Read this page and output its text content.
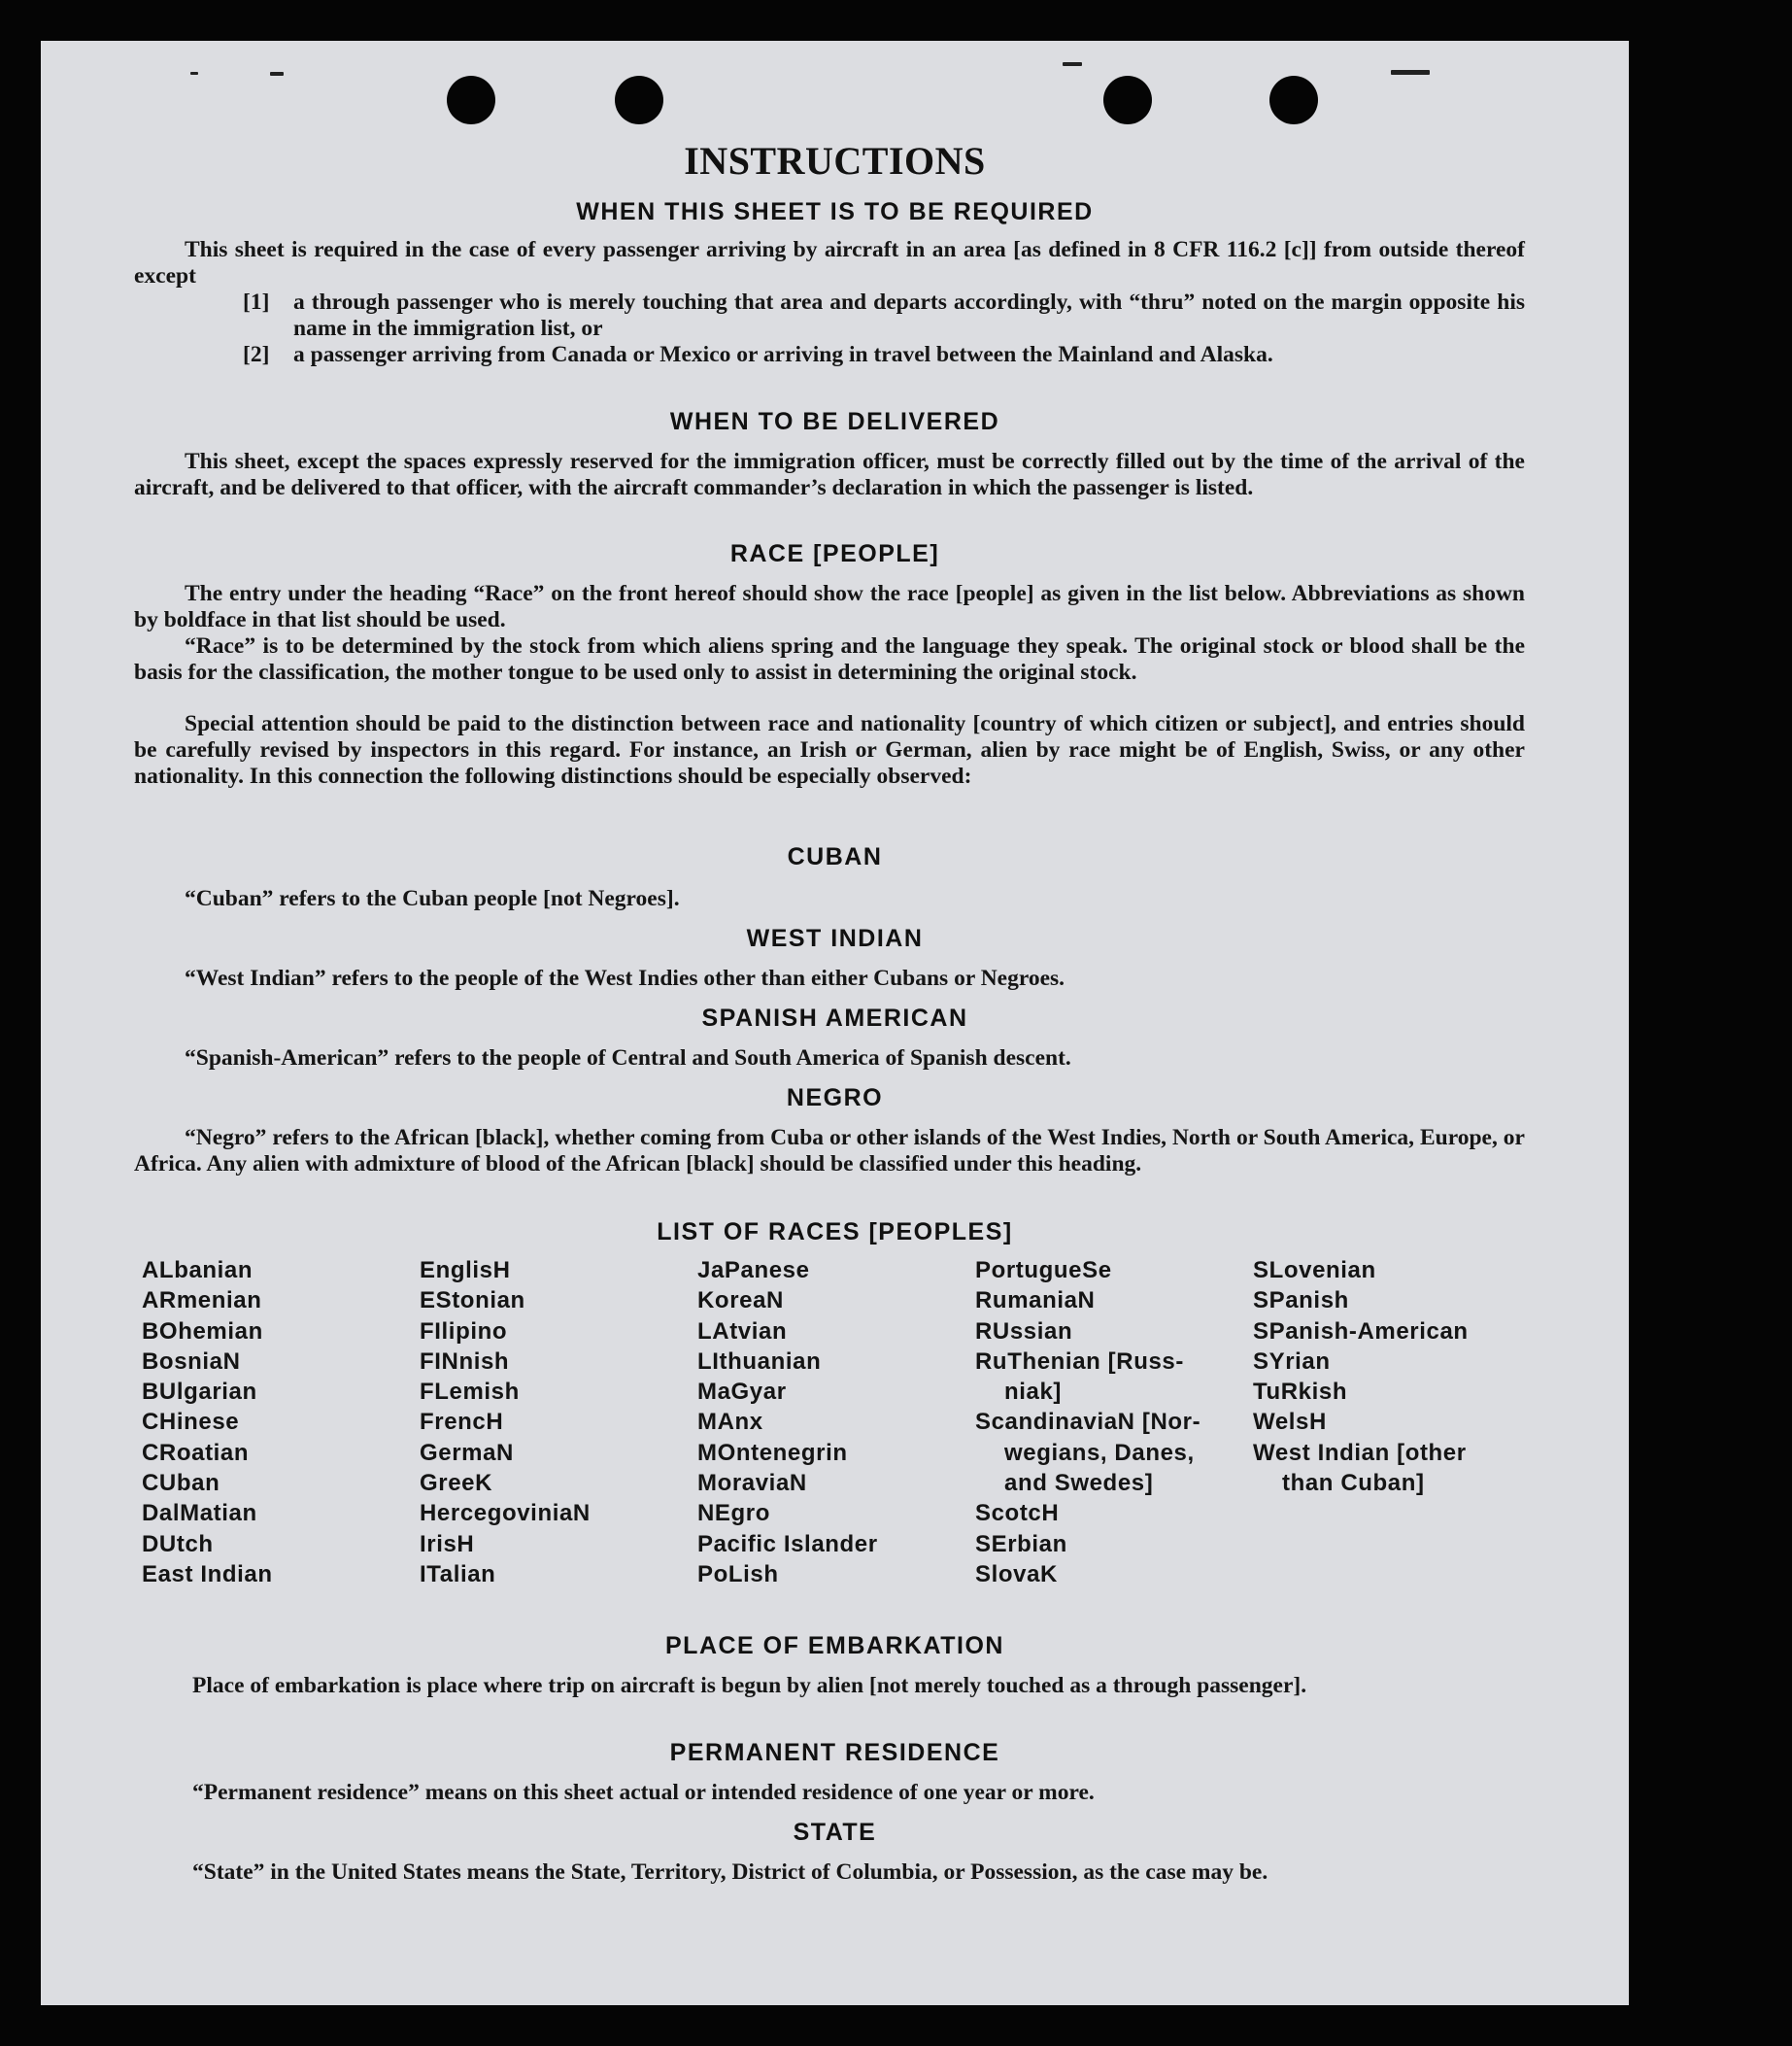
INSTRUCTIONS
WHEN THIS SHEET IS TO BE REQUIRED
This sheet is required in the case of every passenger arriving by aircraft in an area [as defined in 8 CFR 116.2 [c]] from outside thereof except
[1] a through passenger who is merely touching that area and departs accordingly, with “thru” noted on the margin opposite his name in the immigration list, or
[2] a passenger arriving from Canada or Mexico or arriving in travel between the Mainland and Alaska.
WHEN TO BE DELIVERED
This sheet, except the spaces expressly reserved for the immigration officer, must be correctly filled out by the time of the arrival of the aircraft, and be delivered to that officer, with the aircraft commander’s declaration in which the passenger is listed.
RACE [PEOPLE]
The entry under the heading “Race” on the front hereof should show the race [people] as given in the list below. Abbreviations as shown by boldface in that list should be used.
“Race” is to be determined by the stock from which aliens spring and the language they speak. The original stock or blood shall be the basis for the classification, the mother tongue to be used only to assist in determining the original stock.
Special attention should be paid to the distinction between race and nationality [country of which citizen or subject], and entries should be carefully revised by inspectors in this regard. For instance, an Irish or German, alien by race might be of English, Swiss, or any other nationality. In this connection the following distinctions should be especially observed:
CUBAN
“Cuban” refers to the Cuban people [not Negroes].
WEST INDIAN
“West Indian” refers to the people of the West Indies other than either Cubans or Negroes.
SPANISH AMERICAN
“Spanish-American” refers to the people of Central and South America of Spanish descent.
NEGRO
“Negro” refers to the African [black], whether coming from Cuba or other islands of the West Indies, North or South America, Europe, or Africa. Any alien with admixture of blood of the African [black] should be classified under this heading.
LIST OF RACES [PEOPLES]
ALbanian
ARmenian
BOhemian
BosniaN
BUlgarian
CHinese
CRoatian
CUban
DalMatian
DUtch
East Indian
EnglisH
EStonian
FIlipino
FINnish
FLemish
FrencH
GermaN
GreeK
HercegoviniaN
IrisH
ITalian
JaPanese
KoreaN
LAtvian
LIthuanian
MaGyar
MAnx
MOntenegrin
MoraviaN
NEgro
Pacific Islander
PoLish
PortugueSe
RumaniaN
RUssian
RuThenian [Russ-
niak]
ScandinaviaN [Nor-
wegians, Danes,
and Swedes]
ScotcH
SErbian
SlovaK
SLovenian
SPanish
SPanish-American
SYrian
TuRkish
WelsH
West Indian [other
than Cuban]
PLACE OF EMBARKATION
Place of embarkation is place where trip on aircraft is begun by alien [not merely touched as a through passenger].
PERMANENT RESIDENCE
“Permanent residence” means on this sheet actual or intended residence of one year or more.
STATE
“State” in the United States means the State, Territory, District of Columbia, or Possession, as the case may be.
